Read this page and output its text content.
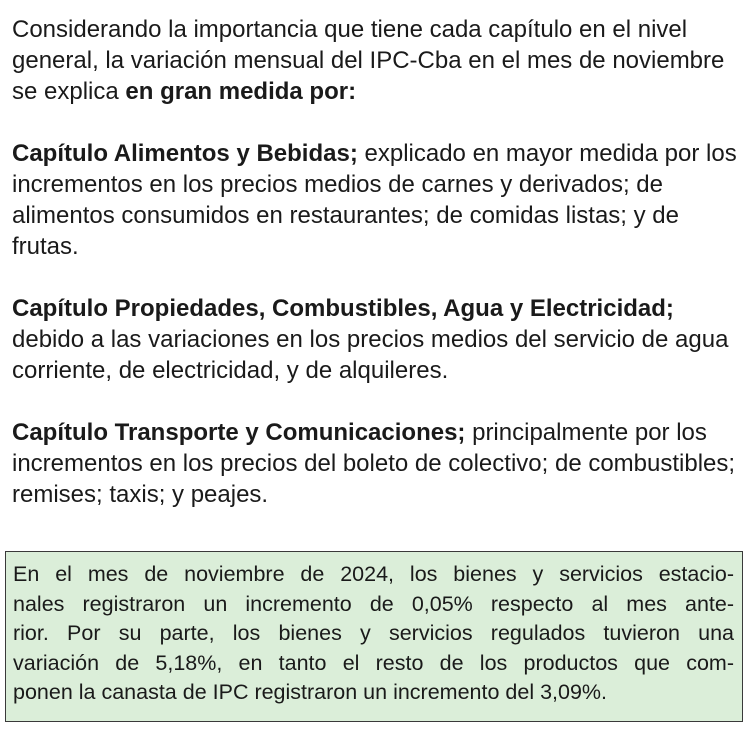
Considerando la importancia que tiene cada capítulo en el nivel general, la variación mensual del IPC-Cba en el mes de noviembre se explica en gran medida por:

Capítulo Alimentos y Bebidas; explicado en mayor medida por los incrementos en los precios medios de carnes y derivados; de alimentos consumidos en restaurantes; de comidas listas; y de frutas.

Capítulo Propiedades, Combustibles, Agua y Electricidad; debido a las variaciones en los precios medios del servicio de agua corriente, de electricidad, y de alquileres.

Capítulo Transporte y Comunicaciones; principalmente por los incrementos en los precios del boleto de colectivo; de combustibles; remises; taxis; y peajes.

En el mes de noviembre de 2024, los bienes y servicios estacio-
nales registraron un incremento de 0,05% respecto al mes ante-
rior. Por su parte, los bienes y servicios regulados tuvieron una
variación de 5,18%, en tanto el resto de los productos que com-
ponen la canasta de IPC registraron un incremento del 3,09%.
